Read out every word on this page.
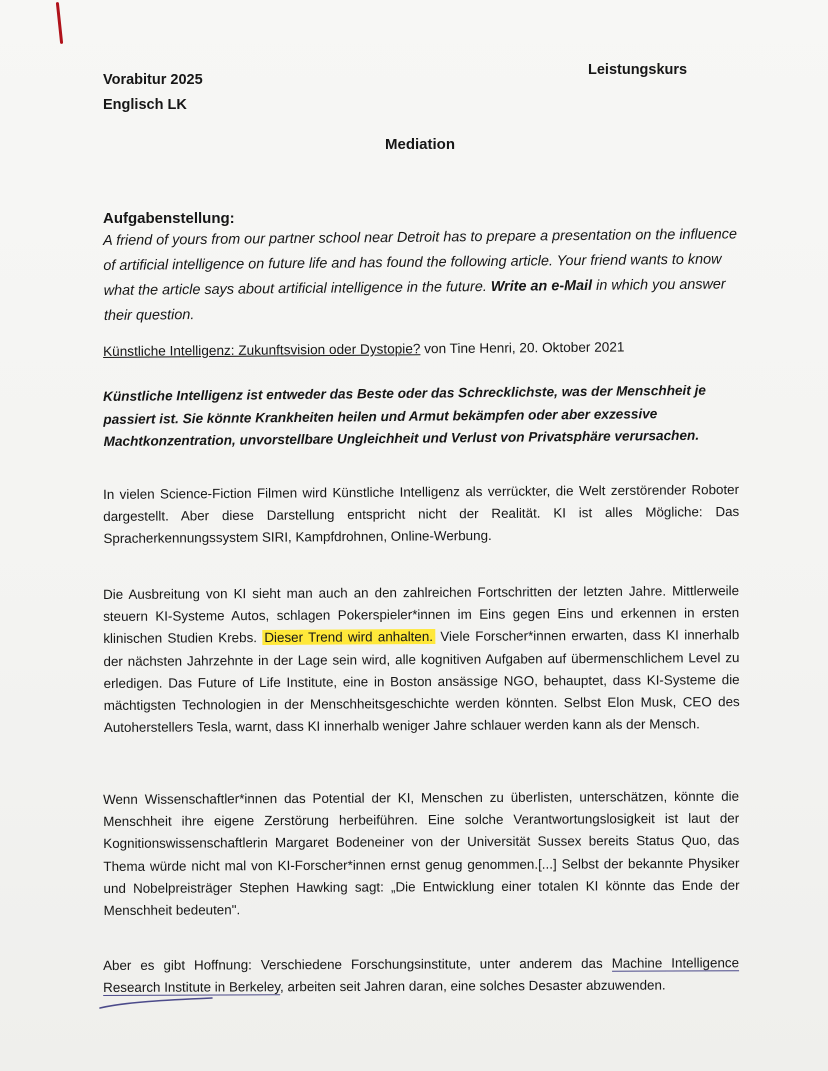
Vorabitur 2025
Englisch LK
Leistungskurs
Mediation
Aufgabenstellung:
A friend of yours from our partner school near Detroit has to prepare a presentation on the influence of artificial intelligence on future life and has found the following article. Your friend wants to know what the article says about artificial intelligence in the future. Write an e-Mail in which you answer their question.
Künstliche Intelligenz: Zukunftsvision oder Dystopie? von Tine Henri, 20. Oktober 2021
Künstliche Intelligenz ist entweder das Beste oder das Schrecklichste, was der Menschheit je passiert ist. Sie könnte Krankheiten heilen und Armut bekämpfen oder aber exzessive Machtkonzentration, unvorstellbare Ungleichheit und Verlust von Privatsphäre verursachen.
In vielen Science-Fiction Filmen wird Künstliche Intelligenz als verrückter, die Welt zerstörender Roboter dargestellt. Aber diese Darstellung entspricht nicht der Realität. KI ist alles Mögliche: Das Spracherkennungssystem SIRI, Kampfdrohnen, Online-Werbung.
Die Ausbreitung von KI sieht man auch an den zahlreichen Fortschritten der letzten Jahre. Mittlerweile steuern KI-Systeme Autos, schlagen Pokerspieler*innen im Eins gegen Eins und erkennen in ersten klinischen Studien Krebs. Dieser Trend wird anhalten. Viele Forscher*innen erwarten, dass KI innerhalb der nächsten Jahrzehnte in der Lage sein wird, alle kognitiven Aufgaben auf übermenschlichem Level zu erledigen. Das Future of Life Institute, eine in Boston ansässige NGO, behauptet, dass KI-Systeme die mächtigsten Technologien in der Menschheitsgeschichte werden könnten. Selbst Elon Musk, CEO des Autoherstellers Tesla, warnt, dass KI innerhalb weniger Jahre schlauer werden kann als der Mensch.
Wenn Wissenschaftler*innen das Potential der KI, Menschen zu überlisten, unterschätzen, könnte die Menschheit ihre eigene Zerstörung herbeiführen. Eine solche Verantwortungslosigkeit ist laut der Kognitionswissenschaftlerin Margaret Bodeneiner von der Universität Sussex bereits Status Quo, das Thema würde nicht mal von KI-Forscher*innen ernst genug genommen.[...] Selbst der bekannte Physiker und Nobelpreisträger Stephen Hawking sagt: „Die Entwicklung einer totalen KI könnte das Ende der Menschheit bedeuten".
Aber es gibt Hoffnung: Verschiedene Forschungsinstitute, unter anderem das Machine Intelligence Research Institute in Berkeley, arbeiten seit Jahren daran, eine solches Desaster abzuwenden.
